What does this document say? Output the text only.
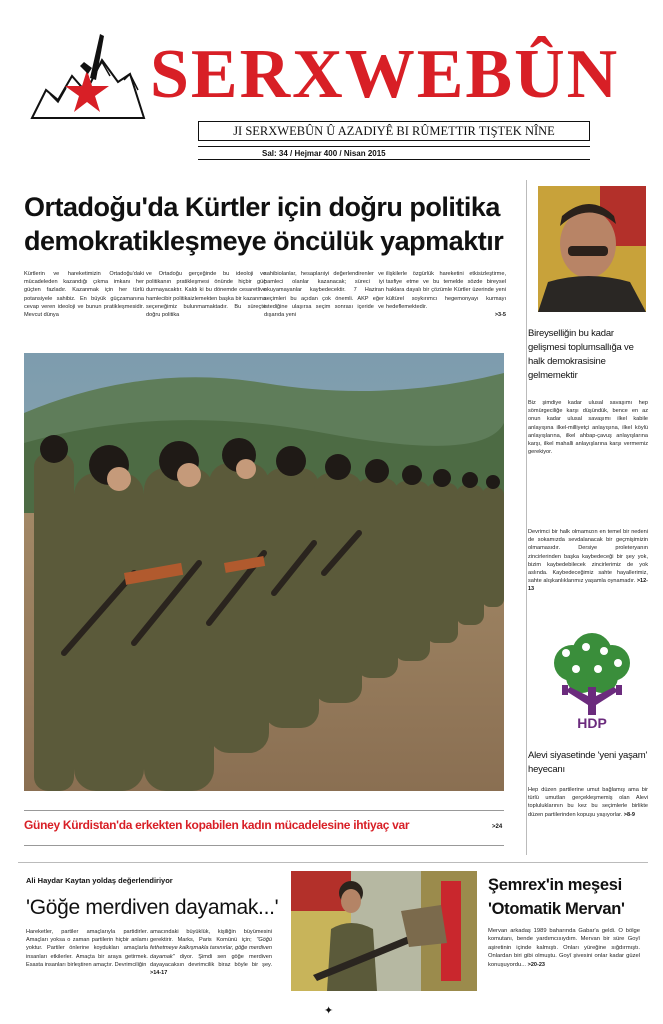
SERXWEBÛN
JI SERXWEBÛN Û AZADIYÊ BI RÛMETTIR TIŞTEK NÎNE
Sal: 34 / Hejmar 400 / Nisan 2015
Ortadoğu'da Kürtler için doğru politika
demokratikleşmeye öncülük yapmaktır
Kürtlerin ve hareketimizin Ortadoğu'daki mücadeleden kazandığı çıkma imkanı her güçten fazladır. Kazanmak için her türlü potansiyele sahibiz. En büyük güçzamanına cevap veren ideoloji ve bunun pratikleşmesidir. Mevcut dünya
ve Ortadoğu gerçeğinde bu ideoloji ve politikanın pratikleşmesi önünde hiçbir güç durmayacaktır. Kaldı ki bu dönemde cesaretlive hamlecibir politikaizlemekten başka bir kazanma seçeneğimiz bulunmamaktadır. Bu süreçte doğru politika
sahibiolanlar, hesaplarıiyi değerlendirenler ve hamleci olanlar kazanacak; süreci iyi okuyamayanlar kaybedecektir. 7 Haziran seçimleri bu açıdan çok önemli. AKP eğer istediğine ulaşırsa seçim sonrası içeride ve dışarıda yeni
ilişkilerle özgürlük hareketini etkisizleştirme, tasfiye etme ve bu temelde sözde bireysel haklara dayalı bir çözümle Kürtler üzerinde yeni kültürel soykırımcı hegemonyayı kurmayı hedeflemektedir.
>3-5
Güney Kürdistan'da erkekten kopabilen kadın mücadelesine ihtiyaç var	>24
Bireyselliğin bu kadar gelişmesi toplumsallığa ve halk demokrasisine gelmemektir
Biz şimdiye kadar ulusal savaşımı hep sömürgeciliğe karşı düşündük, bence en az onun kadar ulusal savaşımı ilkel kabile anlayışına ilkel-milliyetçi anlayışına, ilkel köylü anlayışlarına, ilkel ahbap-çavuş anlayışlarına karşı, ilkel mahalli anlayışlarına karşı vermemiz gerekiyor.
Devrimci bir halk olmamızın en temel bir nedeni de sokamızda sevdalanacak bir geçmişimizin olmamasıdır. Dersiye proleteryanın zincirlerinden başka kaybedeceği bir şey yok, bizim kaybedebilecek zincirlerimiz de yok aslında. Kaybedeceğimiz sahte hayallerimiz, sahte alışkanlıklarımız yaşamla oynamadır. >12-13
HDP
Alevi siyasetinde 'yeni yaşam' heyecanı
Hep düzen partilerine umut bağlamış ama bir türlü umutları gerçekleşmemiş olan Alevi topluluklarının bu kez bu seçimlerle birlikte düzen partilerinden kopuşu yaşıyorlar. >8-9
Ali Haydar Kaytan yoldaş değerlendiriyor
'Göğe merdiven dayamak...'
Hareketler, partiler amaçlarıyla partidirler. Amaçları yoksa o zaman partilerin hiçbir anlamı yoktur. Partiler önlerine koydukları amaçlarla insanları etkilerler. Amaçta bir araya getirmek. Esasta insanları birleştiren amaçtır. Devrimciliğin
amacındaki büyüklük, kişiliğin büyümesini gerektirir. Marks, Paris Komünü için; "Göğü fethetmeye kalkışmakla tanınırlar, göğe merdiven dayamak" diyor. Şimdi sen göğe merdiven dayayacaksın devrimcilik biraz böyle bir şey. >14-17
Şemrex'in meşesi
'Otomatik Mervan'
Mervan arkadaş 1989 baharında Gabar'a geldi. O bölge komutanı, bende yardımcısıydım. Mervan bir süre Goyî aşiretinin içinde kalmıştı. Onları yüreğine sığdırmıştı. Onlardan biri gibi olmuştu. Goyî şivesini onlar kadar güzel konuşuyordu... >20-23
✦
